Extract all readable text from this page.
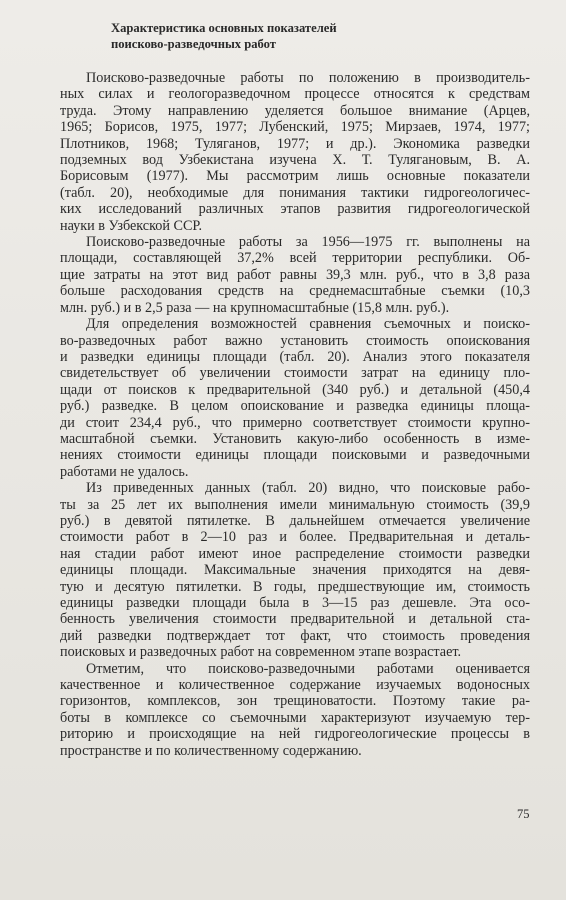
Характеристика основных показателей
поисково-разведочных работ

Поисково-разведочные работы по положению в производитель-
ных силах и геологоразведочном процессе относятся к средствам
труда. Этому направлению уделяется большое внимание (Арцев,
1965; Борисов, 1975, 1977; Лубенский, 1975; Мирзаев, 1974, 1977;
Плотников, 1968; Туляганов, 1977; и др.). Экономика разведки
подземных вод Узбекистана изучена Х. Т. Тулягановым, В. А.
Борисовым (1977). Мы рассмотрим лишь основные показатели
(табл. 20), необходимые для понимания тактики гидрогеологичес-
ких исследований различных этапов развития гидрогеологической
науки в Узбекской ССР.

Поисково-разведочные работы за 1956—1975 гг. выполнены на
площади, составляющей 37,2% всей территории республики. Об-
щие затраты на этот вид работ равны 39,3 млн. руб., что в 3,8 раза
больше расходования средств на среднемасштабные съемки (10,3
млн. руб.) и в 2,5 раза — на крупномасштабные (15,8 млн. руб.).

Для определения возможностей сравнения съемочных и поиско-
во-разведочных работ важно установить стоимость опоискования
и разведки единицы площади (табл. 20). Анализ этого показателя
свидетельствует об увеличении стоимости затрат на единицу пло-
щади от поисков к предварительной (340 руб.) и детальной (450,4
руб.) разведке. В целом опоискование и разведка единицы площа-
ди стоит 234,4 руб., что примерно соответствует стоимости крупно-
масштабной съемки. Установить какую-либо особенность в изме-
нениях стоимости единицы площади поисковыми и разведочными
работами не удалось.

Из приведенных данных (табл. 20) видно, что поисковые рабо-
ты за 25 лет их выполнения имели минимальную стоимость (39,9
руб.) в девятой пятилетке. В дальнейшем отмечается увеличение
стоимости работ в 2—10 раз и более. Предварительная и деталь-
ная стадии работ имеют иное распределение стоимости разведки
единицы площади. Максимальные значения приходятся на девя-
тую и десятую пятилетки. В годы, предшествующие им, стоимость
единицы разведки площади была в 3—15 раз дешевле. Эта осо-
бенность увеличения стоимости предварительной и детальной ста-
дий разведки подтверждает тот факт, что стоимость проведения
поисковых и разведочных работ на современном этапе возрастает.

Отметим, что поисково-разведочными работами оценивается
качественное и количественное содержание изучаемых водоносных
горизонтов, комплексов, зон трещиноватости. Поэтому такие ра-
боты в комплексе со съемочными характеризуют изучаемую тер-
риторию и происходящие на ней гидрогеологические процессы в
пространстве и по количественному содержанию.

75
